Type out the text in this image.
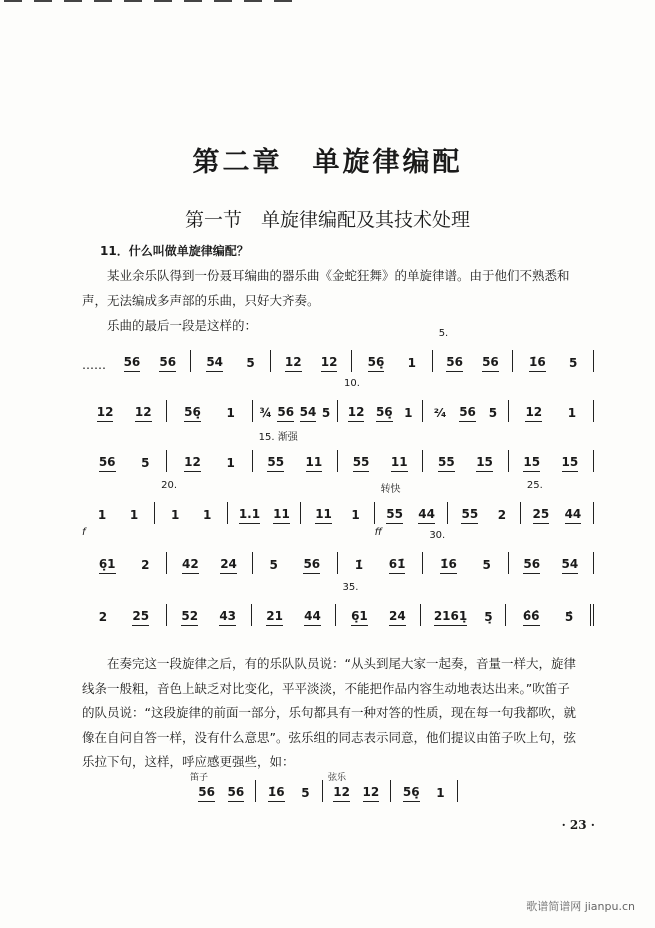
第二章　单旋律编配
第一节　单旋律编配及其技术处理
11．什么叫做单旋律编配？
某业余乐队得到一份聂耳编曲的器乐曲《金蛇狂舞》的单旋律谱。由于他们不熟悉和声，无法编成多声部的乐曲，只好大齐奏。
乐曲的最后一段是这样的：
……	56 56	54 5	12 12	56̣̣ 1	56 56
5.
1̇6 5
12 12	56̣̣ 1 ¾ 56 54 5 12 56̣̣ 1
10.
²⁄₄ 56 5 12 1
56 5	12 1	55 11
15. 渐强
55 11	55 15	15 15
1 1
f
1 1
20.
1.1 11 11 1 55 44
转快
ff
55 2 25 44
25.
6̣1 2	42 24	5 56	1̇ 61̇	1̇6 5
30.
56 54
2 25	52 43	21 44	6̣1 24
35.
2161̣ 5̣	6̂6̂ 5̂
在奏完这一段旋律之后，有的乐队队员说：“从头到尾大家一起奏，音量一样大，旋律线条一般粗，音色上缺乏对比变化，平平淡淡，不能把作品内容生动地表达出来。”吹笛子的队员说：“这段旋律的前面一部分，乐句都具有一种对答的性质，现在每一句我都吹，就像在自问自答一样，没有什么意思”。弦乐组的同志表示同意，他们提议由笛子吹上句，弦乐拉下句，这样，呼应感更强些，如：
笛子	弦乐
56 56 1̇6 5 12 12 56̣̣ 1
· 23 ·
歌谱简谱网 jianpu.cn
